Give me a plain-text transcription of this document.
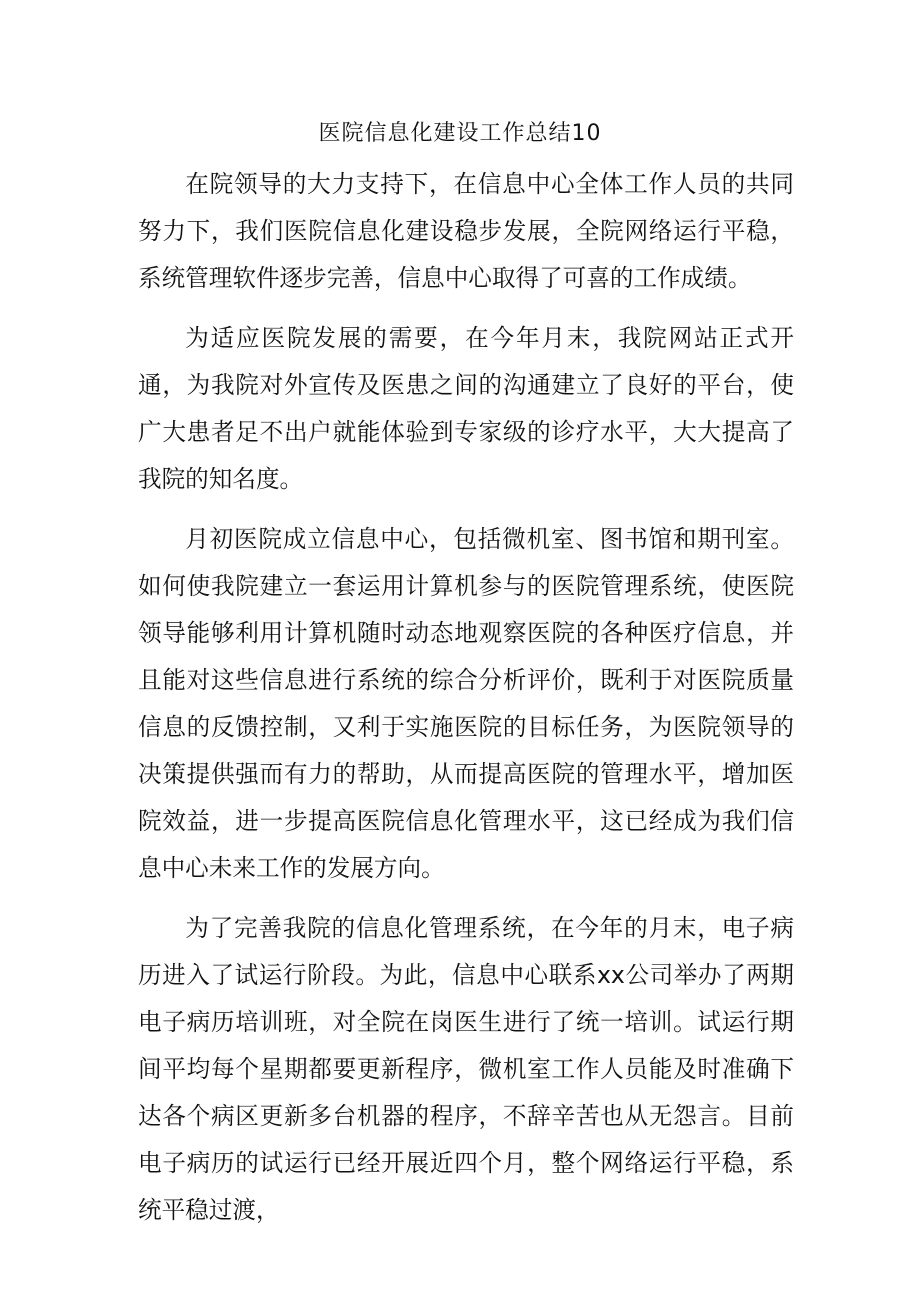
医院信息化建设工作总结10

在院领导的大力支持下，在信息中心全体工作人员的共同努力下，我们医院信息化建设稳步发展，全院网络运行平稳，系统管理软件逐步完善，信息中心取得了可喜的工作成绩。

为适应医院发展的需要，在今年月末，我院网站正式开通，为我院对外宣传及医患之间的沟通建立了良好的平台，使广大患者足不出户就能体验到专家级的诊疗水平，大大提高了我院的知名度。

月初医院成立信息中心，包括微机室、图书馆和期刊室。如何使我院建立一套运用计算机参与的医院管理系统，使医院领导能够利用计算机随时动态地观察医院的各种医疗信息，并且能对这些信息进行系统的综合分析评价，既利于对医院质量信息的反馈控制，又利于实施医院的目标任务，为医院领导的决策提供强而有力的帮助，从而提高医院的管理水平，增加医院效益，进一步提高医院信息化管理水平，这已经成为我们信息中心未来工作的发展方向。

为了完善我院的信息化管理系统，在今年的月末，电子病历进入了试运行阶段。为此，信息中心联系xx公司举办了两期电子病历培训班，对全院在岗医生进行了统一培训。试运行期间平均每个星期都要更新程序，微机室工作人员能及时准确下达各个病区更新多台机器的程序，不辞辛苦也从无怨言。目前电子病历的试运行已经开展近四个月，整个网络运行平稳，系统平稳过渡，
